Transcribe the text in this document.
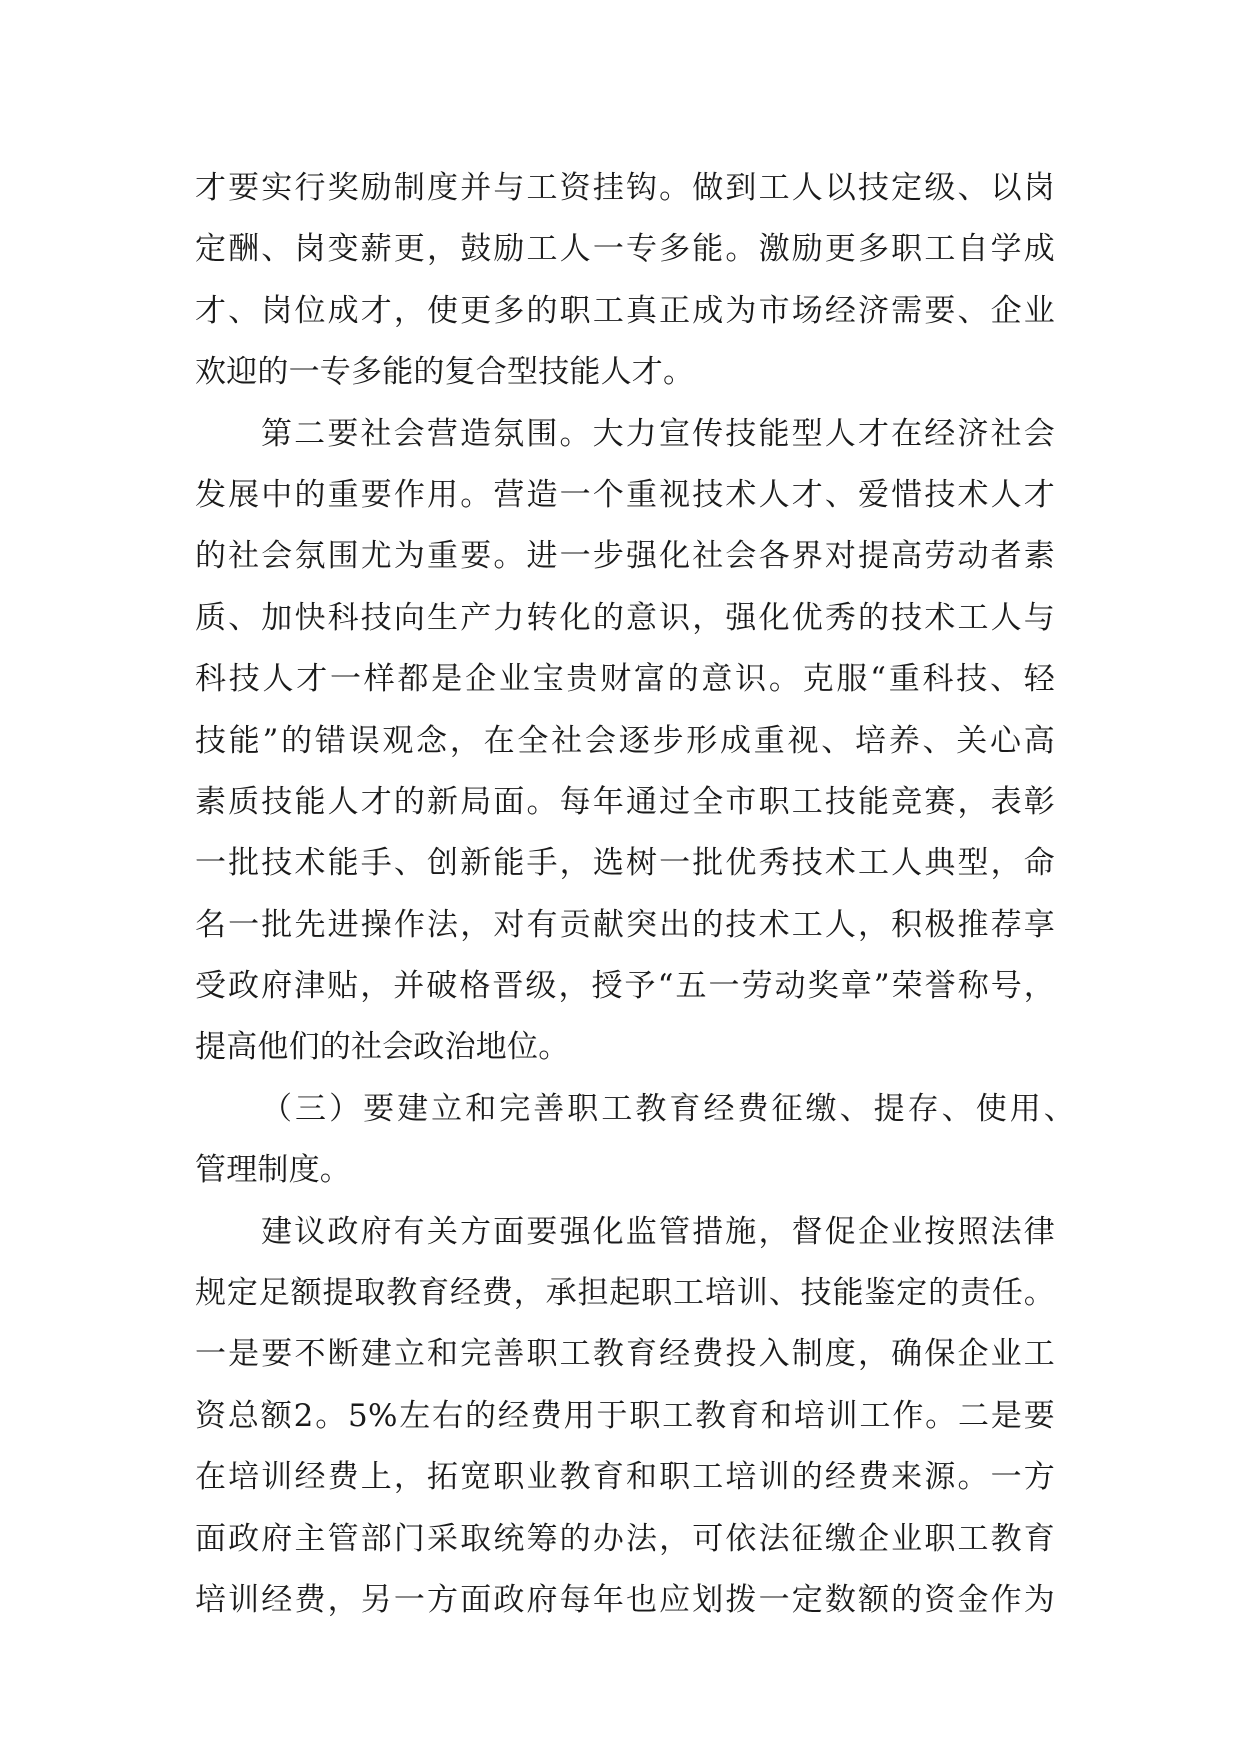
才要实行奖励制度并与工资挂钩。做到工人以技定级、以岗
定酬、岗变薪更，鼓励工人一专多能。激励更多职工自学成
才、岗位成才，使更多的职工真正成为市场经济需要、企业
欢迎的一专多能的复合型技能人才。
第二要社会营造氛围。大力宣传技能型人才在经济社会
发展中的重要作用。营造一个重视技术人才、爱惜技术人才
的社会氛围尤为重要。进一步强化社会各界对提高劳动者素
质、加快科技向生产力转化的意识，强化优秀的技术工人与
科技人才一样都是企业宝贵财富的意识。克服“重科技、轻
技能”的错误观念，在全社会逐步形成重视、培养、关心高
素质技能人才的新局面。每年通过全市职工技能竞赛，表彰
一批技术能手、创新能手，选树一批优秀技术工人典型，命
名一批先进操作法，对有贡献突出的技术工人，积极推荐享
受政府津贴，并破格晋级，授予“五一劳动奖章”荣誉称号，
提高他们的社会政治地位。
（三）要建立和完善职工教育经费征缴、提存、使用、
管理制度。
建议政府有关方面要强化监管措施，督促企业按照法律
规定足额提取教育经费，承担起职工培训、技能鉴定的责任。
一是要不断建立和完善职工教育经费投入制度，确保企业工
资总额2。5%左右的经费用于职工教育和培训工作。二是要
在培训经费上，拓宽职业教育和职工培训的经费来源。一方
面政府主管部门采取统筹的办法，可依法征缴企业职工教育
培训经费，另一方面政府每年也应划拨一定数额的资金作为
